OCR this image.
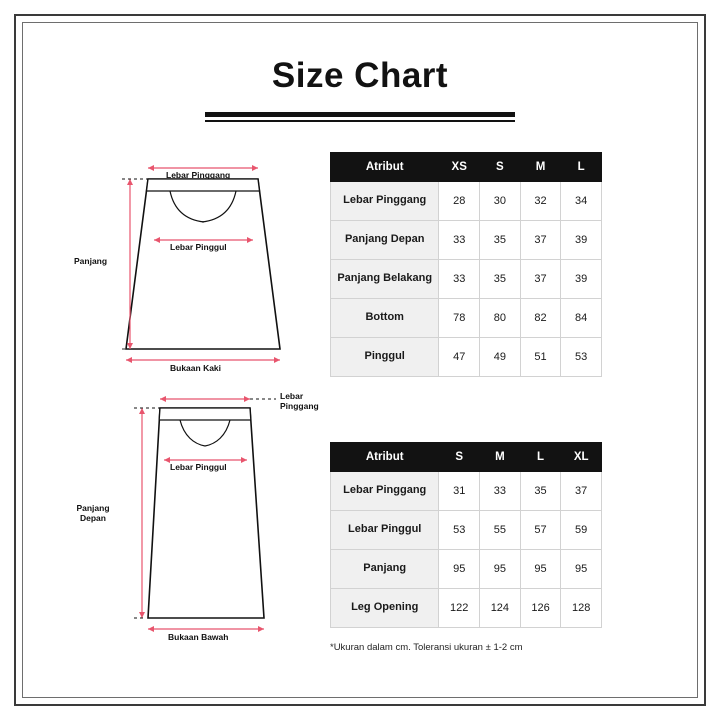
Size Chart
Lebar Pinggang
Lebar Pinggul
Panjang
Bukaan Kaki
Lebar Pinggang
Lebar Pinggul
Panjang Depan
Bukaan Bawah
Atribut	XS	S	M	L
Lebar Pinggang	28	30	32	34
Panjang Depan	33	35	37	39
Panjang Belakang	33	35	37	39
Bottom	78	80	82	84
Pinggul	47	49	51	53
Atribut	S	M	L	XL
Lebar Pinggang	31	33	35	37
Lebar Pinggul	53	55	57	59
Panjang	95	95	95	95
Leg Opening	122	124	126	128
*Ukuran dalam cm. Toleransi ukuran ± 1-2 cm
